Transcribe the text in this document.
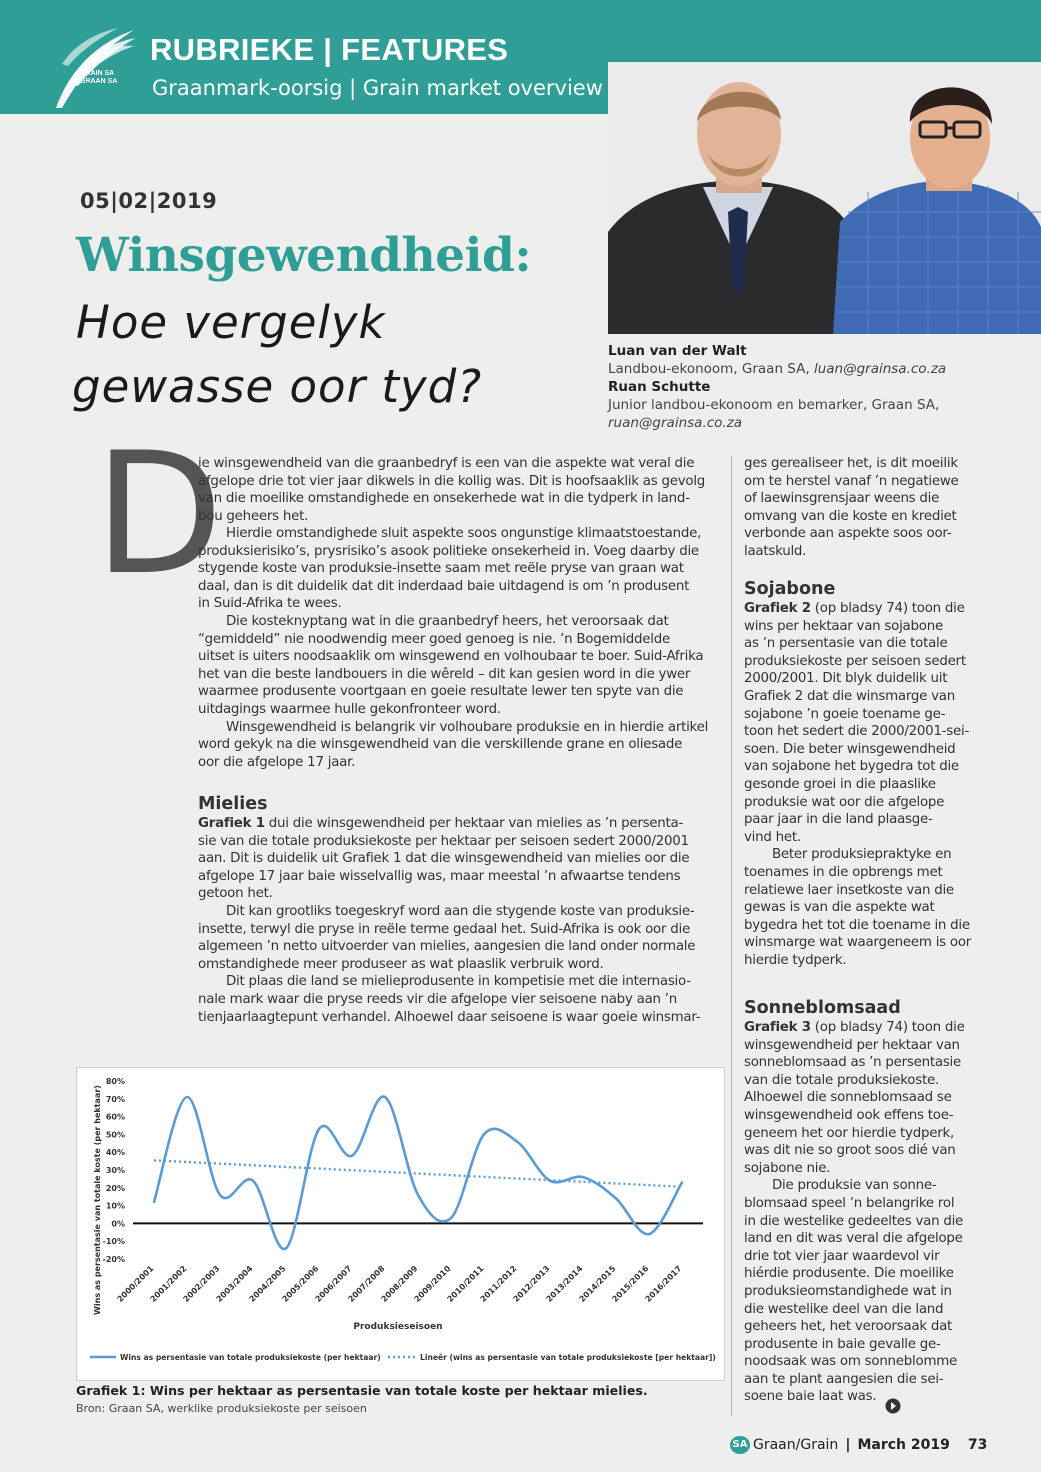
GRAIN SA
GRAAN SA
RUBRIEKE | FEATURES
Graanmark-oorsig | Grain market overview
05|02|2019
Winsgewendheid:
Hoe vergelyk
gewasse oor tyd?
Luan van der Walt
Landbou-ekonoom, Graan SA, luan@grainsa.co.za
Ruan Schutte
Junior landbou-ekonoom en bemarker, Graan SA,
ruan@grainsa.co.za
D
ie winsgewendheid van die graanbedryf is een van die aspekte wat veral die
afgelope drie tot vier jaar dikwels in die kollig was. Dit is hoofsaaklik as gevolg
van die moeilike omstandighede en onsekerhede wat in die tydperk in land-
bou geheers het.
Hierdie omstandighede sluit aspekte soos ongunstige klimaatstoestande,
produksierisiko’s, prysrisiko’s asook politieke onsekerheid in. Voeg daarby die
stygende koste van produksie-insette saam met reële pryse van graan wat
daal, dan is dit duidelik dat dit inderdaad baie uitdagend is om ’n produsent
in Suid-Afrika te wees.
Die kosteknyptang wat in die graanbedryf heers, het veroorsaak dat
“gemiddeld” nie noodwendig meer goed genoeg is nie. ’n Bogemiddelde
uitset is uiters noodsaaklik om winsgewend en volhoubaar te boer. Suid-Afrika
het van die beste landbouers in die wêreld – dit kan gesien word in die ywer
waarmee produsente voortgaan en goeie resultate lewer ten spyte van die
uitdagings waarmee hulle gekonfronteer word.
Winsgewendheid is belangrik vir volhoubare produksie en in hierdie artikel
word gekyk na die winsgewendheid van die verskillende grane en oliesade
oor die afgelope 17 jaar.
Mielies
Grafiek 1 dui die winsgewendheid per hektaar van mielies as ’n persenta-
sie van die totale produksiekoste per hektaar per seisoen sedert 2000/2001
aan. Dit is duidelik uit Grafiek 1 dat die winsgewendheid van mielies oor die
afgelope 17 jaar baie wisselvallig was, maar meestal ’n afwaartse tendens
getoon het.
Dit kan grootliks toegeskryf word aan die stygende koste van produksie-
insette, terwyl die pryse in reële terme gedaal het. Suid-Afrika is ook oor die
algemeen ’n netto uitvoerder van mielies, aangesien die land onder normale
omstandighede meer produseer as wat plaaslik verbruik word.
Dit plaas die land se mielieprodusente in kompetisie met die internasio-
nale mark waar die pryse reeds vir die afgelope vier seisoene naby aan ’n
tienjaarlaagtepunt verhandel. Alhoewel daar seisoene is waar goeie winsmar-
ges gerealiseer het, is dit moeilik
om te herstel vanaf ’n negatiewe
of laewinsgrensjaar weens die
omvang van die koste en krediet
verbonde aan aspekte soos oor-
laatskuld.
Sojabone
Grafiek 2 (op bladsy 74) toon die
wins per hektaar van sojabone
as ’n persentasie van die totale
produksiekoste per seisoen sedert
2000/2001. Dit blyk duidelik uit
Grafiek 2 dat die winsmarge van
sojabone ’n goeie toename ge-
toon het sedert die 2000/2001-sei-
soen. Die beter winsgewendheid
van sojabone het bygedra tot die
gesonde groei in die plaaslike
produksie wat oor die afgelope
paar jaar in die land plaasge-
vind het.
Beter produksiepraktyke en
toenames in die opbrengs met
relatiewe laer insetkoste van die
gewas is van die aspekte wat
bygedra het tot die toename in die
winsmarge wat waargeneem is oor
hierdie tydperk.
Sonneblomsaad
Grafiek 3 (op bladsy 74) toon die
winsgewendheid per hektaar van
sonneblomsaad as ’n persentasie
van die totale produksiekoste.
Alhoewel die sonneblomsaad se
winsgewendheid ook effens toe-
geneem het oor hierdie tydperk,
was dit nie so groot soos dié van
sojabone nie.
Die produksie van sonne-
blomsaad speel ’n belangrike rol
in die westelike gedeeltes van die
land en dit was veral die afgelope
drie tot vier jaar waardevol vir
hiérdie produsente. Die moeilike
produksieomstandighede wat in
die westelike deel van die land
geheers het, het veroorsaak dat
produsente in baie gevalle ge-
noodsaak was om sonneblomme
aan te plant aangesien die sei-
soene baie laat was.
80%
70%
60%
50%
40%
30%
20%
10%
0%
-10%
-20%
2000/2001
2001/2002
2002/2003
2003/2004
2004/2005
2005/2006
2006/2007
2007/2008
2008/2009
2009/2010
2010/2011
2011/2012
2012/2013
2013/2014
2014/2015
2015/2016
2016/2017
Wins as persentasie van totale koste (per hektaar)
Produksieseisoen
Wins as persentasie van totale produksiekoste (per hektaar)	Lineêr (wins as persentasie van totale produksiekoste [per hektaar])
Grafiek 1: Wins per hektaar as persentasie van totale koste per hektaar mielies.
Bron: Graan SA, werklike produksiekoste per seisoen
SA Graan/Grain | March 2019 73
